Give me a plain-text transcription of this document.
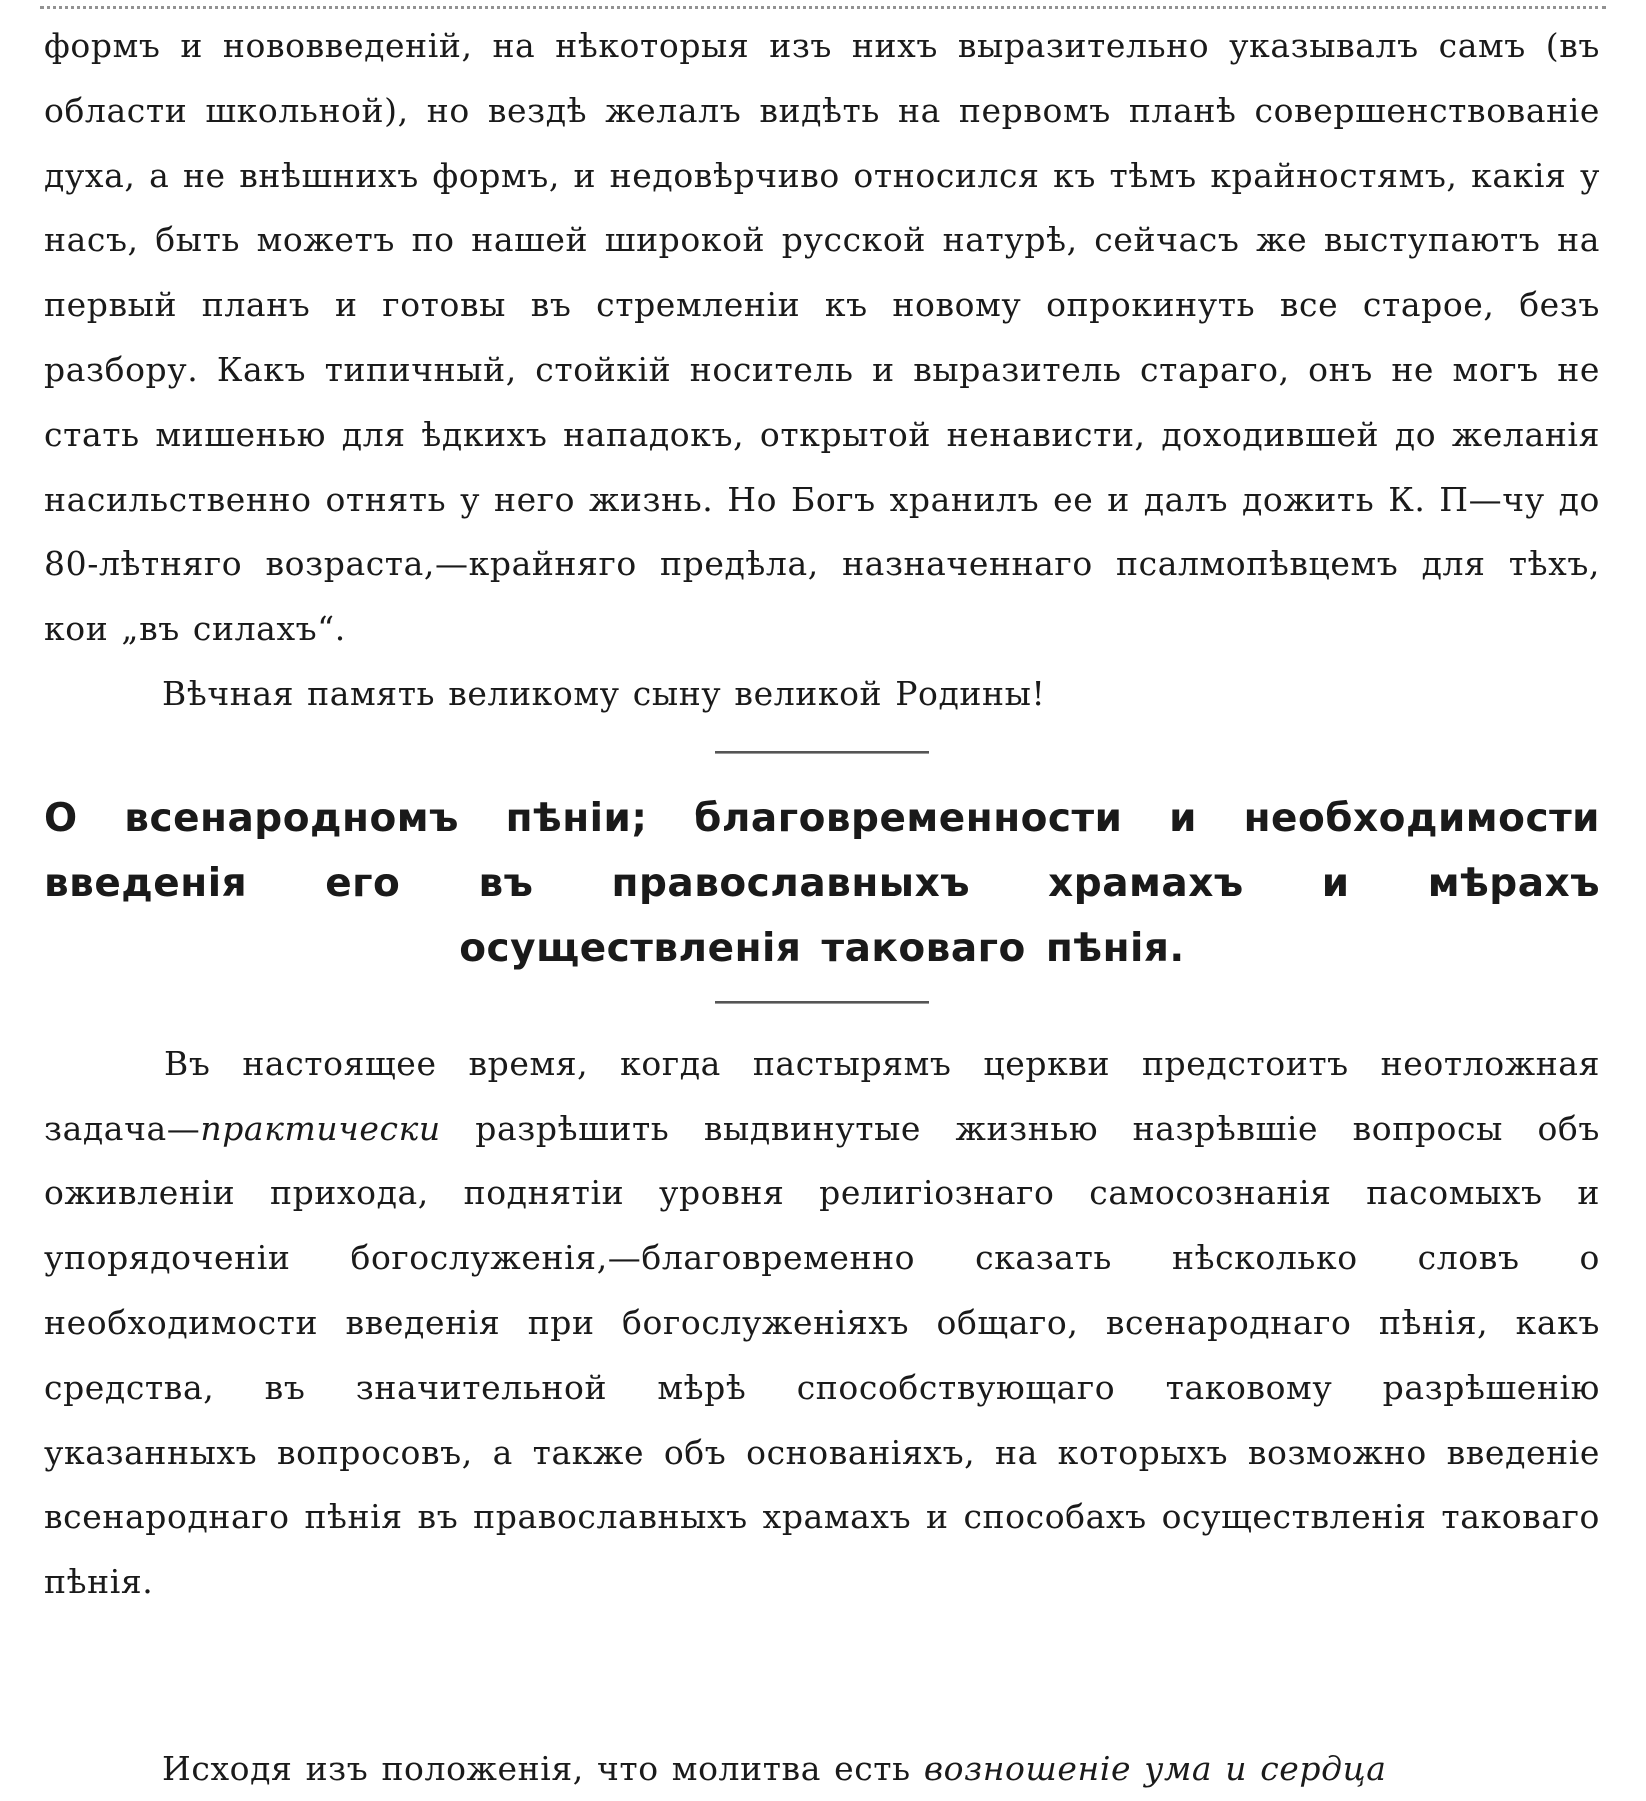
формъ и нововведеній, на нѣкоторыя изъ нихъ выразительно указывалъ самъ (въ области школьной), но вездѣ желалъ видѣть на первомъ планѣ совершенствованіе духа, а не внѣшнихъ формъ, и недовѣрчиво относился къ тѣмъ крайностямъ, какія у насъ, быть можетъ по нашей широкой русской натурѣ, сейчасъ же выступаютъ на первый планъ и готовы въ стремленіи къ новому опрокинуть все старое, безъ разбору. Какъ типичный, стойкій носитель и выразитель стараго, онъ не могъ не стать мишенью для ѣдкихъ нападокъ, открытой ненависти, доходившей до желанія насильственно отнять у него жизнь. Но Богъ хранилъ ее и далъ дожить К. П—чу до 80-лѣтняго возраста,—крайняго предѣла, назначеннаго псалмопѣвцемъ для тѣхъ, кои „въ силахъ“.

Вѣчная память великому сыну великой Родины!

О всенародномъ пѣніи; благовременности и необходимости введенія его въ православныхъ храмахъ и мѣрахъ осуществленія таковаго пѣнія.

Въ настоящее время, когда пастырямъ церкви предстоитъ неотложная задача—практически разрѣшить выдвинутые жизнью назрѣвшіе вопросы объ оживленіи прихода, поднятіи уровня религіознаго самосознанія пасомыхъ и упорядоченіи богослуженія,—благовременно сказать нѣсколько словъ о необходимости введенія при богослуженіяхъ общаго, всенароднаго пѣнія, какъ средства, въ значительной мѣрѣ способствующаго таковому разрѣшенію указанныхъ вопросовъ, а также объ основаніяхъ, на которыхъ возможно введеніе всенароднаго пѣнія въ православныхъ храмахъ и способахъ осуществленія таковаго пѣнія.

Исходя изъ положенія, что молитва есть возношеніе ума и сердца
